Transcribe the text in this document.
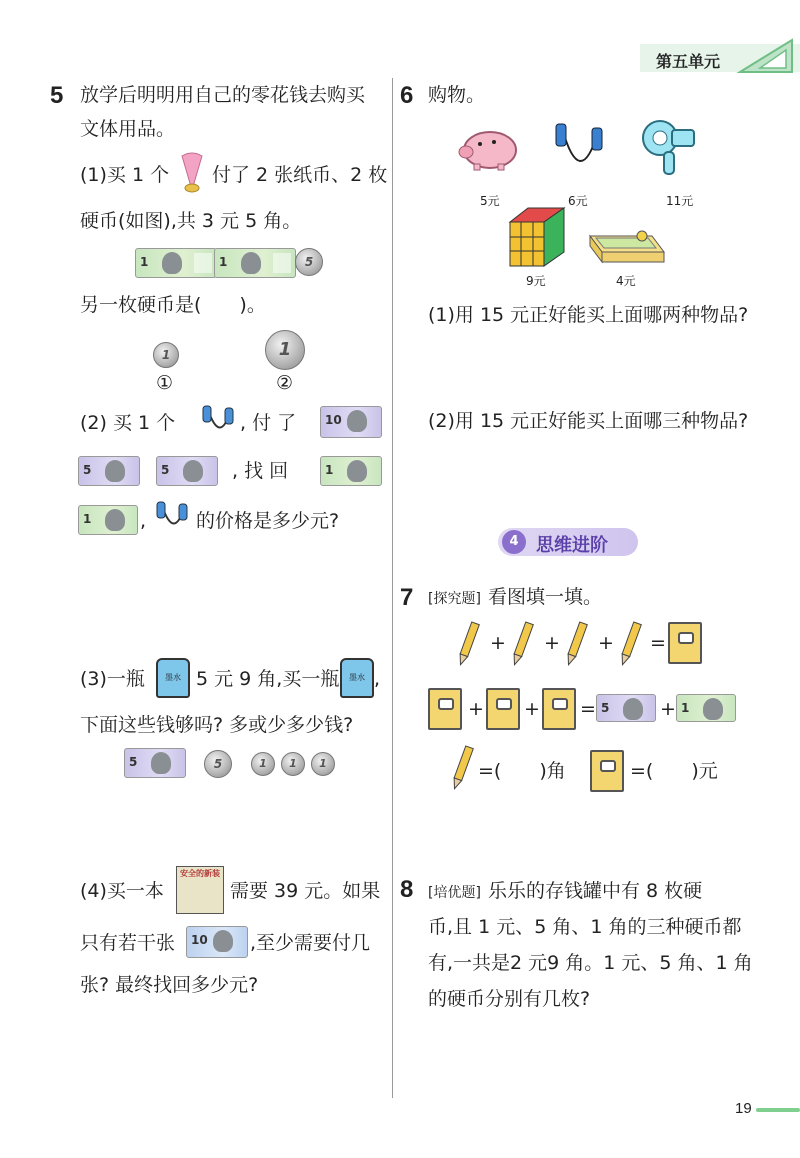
第五单元
19
5 放学后明明用自己的零花钱去购买
文体用品。
(1)买 1 个 付了 2 张纸币、2 枚
硬币(如图),共 3 元 5 角。
1	1	5
另一枚硬币是(　　)。
1	1
①	②
(2) 买 1 个	, 付 了 10
5	5	, 找 回	1
1	,	的价格是多少元?
(3)一瓶	墨水 5 元 9 角,买一瓶	墨水 ,
下面这些钱够吗? 多或少多少钱?
5	5	1	1	1
(4)买一本
安全的新装
需要 39 元。如果
只有若干张 10 ,至少需要付几
张? 最终找回多少元?
6 购物。
5元	6元	11元
9元	4元
(1)用 15 元正好能买上面哪两种物品?
(2)用 15 元正好能买上面哪三种物品?
4 思维进阶
7 [探究题] 看图填一填。
+ + + =
+ + = 5	+ 1
=(　　)角	=(　　)元
8 [培优题] 乐乐的存钱罐中有 8 枚硬
币,且 1 元、5 角、1 角的三种硬币都
有,一共是2 元9 角。1 元、5 角、1 角
的硬币分别有几枚?
